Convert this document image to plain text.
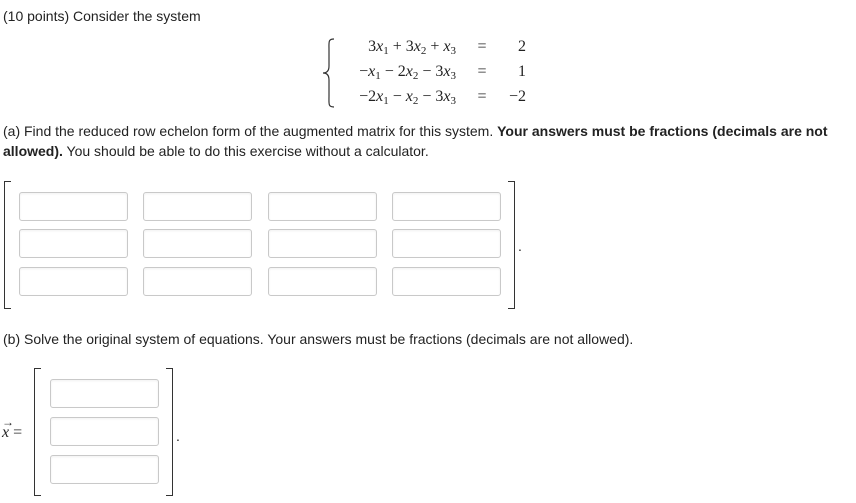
(10 points) Consider the system
$3x_1 + 3x_2 + x_3 = 2$
$-x_1 - 2x_2 - 3x_3 = 1$
$-2x_1 - x_2 - 3x_3 = -2$
(a) Find the reduced row echelon form of the augmented matrix for this system. Your answers must be fractions (decimals are not allowed). You should be able to do this exercise without a calculator.
.
(b) Solve the original system of equations. Your answers must be fractions (decimals are not allowed).
→
x =	.
